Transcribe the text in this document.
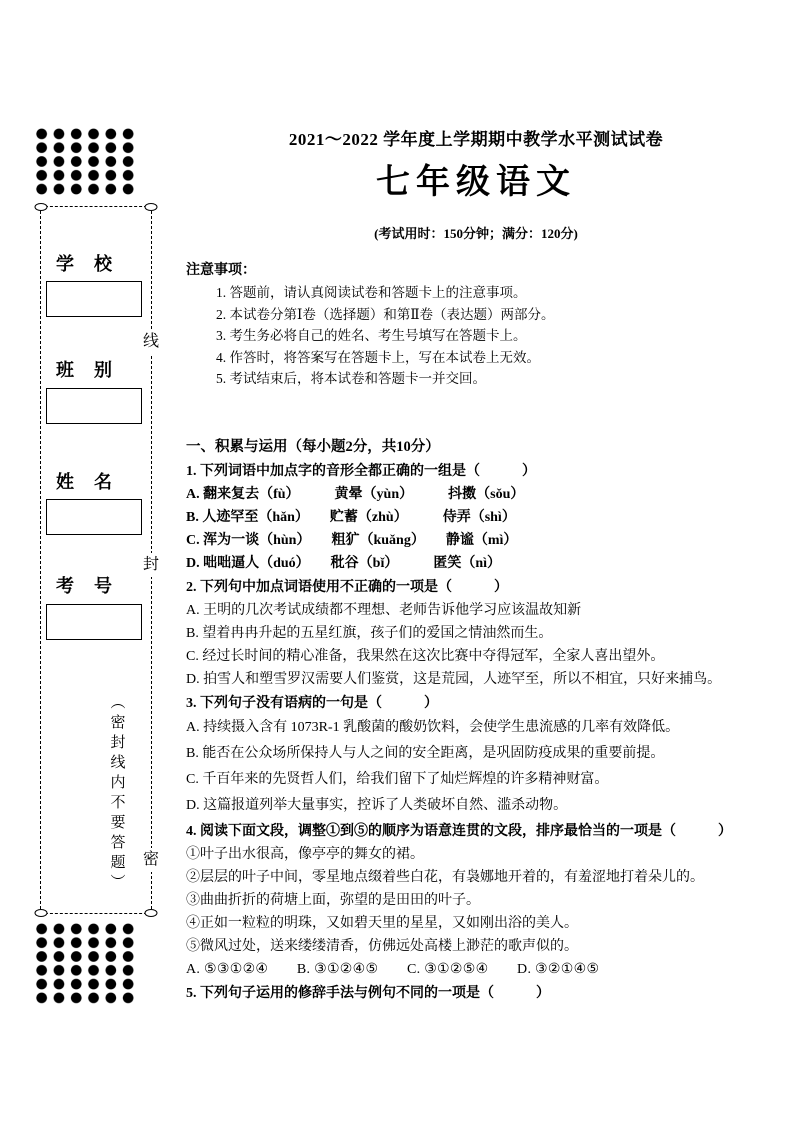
学　校
班　别
姓　名
考　号
线
封
密
（密封线内不要答题）
2021～2022 学年度上学期期中教学水平测试试卷
七年级语文
(考试用时：150分钟；满分：120分)
注意事项：
1. 答题前，请认真阅读试卷和答题卡上的注意事项。
2. 本试卷分第Ⅰ卷（选择题）和第Ⅱ卷（表达题）两部分。
3. 考生务必将自己的姓名、考生号填写在答题卡上。
4. 作答时，将答案写在答题卡上，写在本试卷上无效。
5. 考试结束后，将本试卷和答题卡一并交回。
一、积累与运用（每小题2分，共10分）
1. 下列词语中加点字的音形全都正确的一组是（　　　）
A. 翻来复去（fù）　　　黄晕（yùn）　　　抖擞（sǒu）
B. 人迹罕至（hǎn）　　贮蓄（zhù）　　　侍弄（shì）
C. 浑为一谈（hùn）　　粗犷（kuǎng）　　静谧（mì）
D. 咄咄逼人（duó）　　秕谷（bǐ）　　　匿笑（nì）
2. 下列句中加点词语使用不正确的一项是（　　　）
A. 王明的几次考试成绩都不理想、老师告诉他学习应该温故知新
B. 望着冉冉升起的五星红旗，孩子们的爱国之情油然而生。
C. 经过长时间的精心准备，我果然在这次比赛中夺得冠军，全家人喜出望外。
D. 拍雪人和塑雪罗汉需要人们鉴赏，这是荒园，人迹罕至，所以不相宜，只好来捕鸟。
3. 下列句子没有语病的一句是（　　　）
A. 持续摄入含有 1073R-1 乳酸菌的酸奶饮料，会使学生患流感的几率有效降低。
B. 能否在公众场所保持人与人之间的安全距离，是巩固防疫成果的重要前提。
C. 千百年来的先贤哲人们，给我们留下了灿烂辉煌的许多精神财富。
D. 这篇报道列举大量事实，控诉了人类破坏自然、滥杀动物。
4. 阅读下面文段，调整①到⑤的顺序为语意连贯的文段，排序最恰当的一项是（　　　）
①叶子出水很高，像亭亭的舞女的裙。
②层层的叶子中间，零星地点缀着些白花，有袅娜地开着的，有羞涩地打着朵儿的。
③曲曲折折的荷塘上面，弥望的是田田的叶子。
④正如一粒粒的明珠，又如碧天里的星星，又如刚出浴的美人。
⑤微风过处，送来缕缕清香，仿佛远处高楼上渺茫的歌声似的。
A. ⑤③①②④　　B. ③①②④⑤　　C. ③①②⑤④　　D. ③②①④⑤
5. 下列句子运用的修辞手法与例句不同的一项是（　　　）
